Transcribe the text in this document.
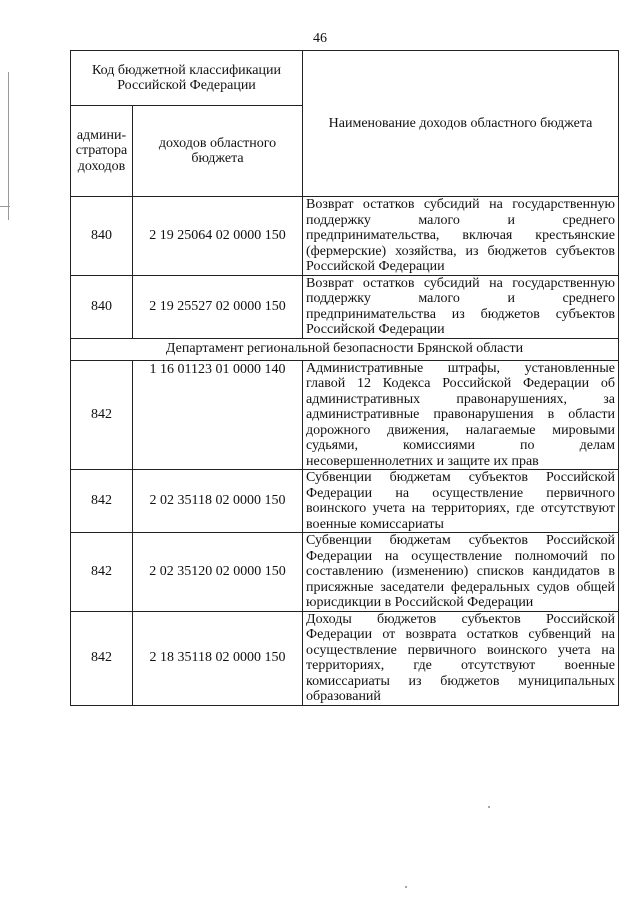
46
Код бюджетной классификации Российской Федерации		Наименование доходов областного бюджета
админи-стратора доходов	доходов областного бюджета	
840	2 19 25064 02 0000 150	Возврат остатков субсидий на государственную поддержку малого и среднего предпринимательства, включая крестьянские (фермерские) хозяйства, из бюджетов субъектов Российской Федерации
840	2 19 25527 02 0000 150	Возврат остатков субсидий на государственную поддержку малого и среднего предпринимательства из бюджетов субъектов Российской Федерации
Департамент региональной безопасности Брянской области		
842	1 16 01123 01 0000 140	Административные штрафы, установленные главой 12 Кодекса Российской Федерации об административных правонарушениях, за административные правонарушения в области дорожного движения, налагаемые мировыми судьями, комиссиями по делам несовершеннолетних и защите их прав
842	2 02 35118 02 0000 150	Субвенции бюджетам субъектов Российской Федерации на осуществление первичного воинского учета на территориях, где отсутствуют военные комиссариаты
842	2 02 35120 02 0000 150	Субвенции бюджетам субъектов Российской Федерации на осуществление полномочий по составлению (изменению) списков кандидатов в присяжные заседатели федеральных судов общей юрисдикции в Российской Федерации
842	2 18 35118 02 0000 150	Доходы бюджетов субъектов Российской Федерации от возврата остатков субвенций на осуществление первичного воинского учета на территориях, где отсутствуют военные комиссариаты из бюджетов муниципальных образований
